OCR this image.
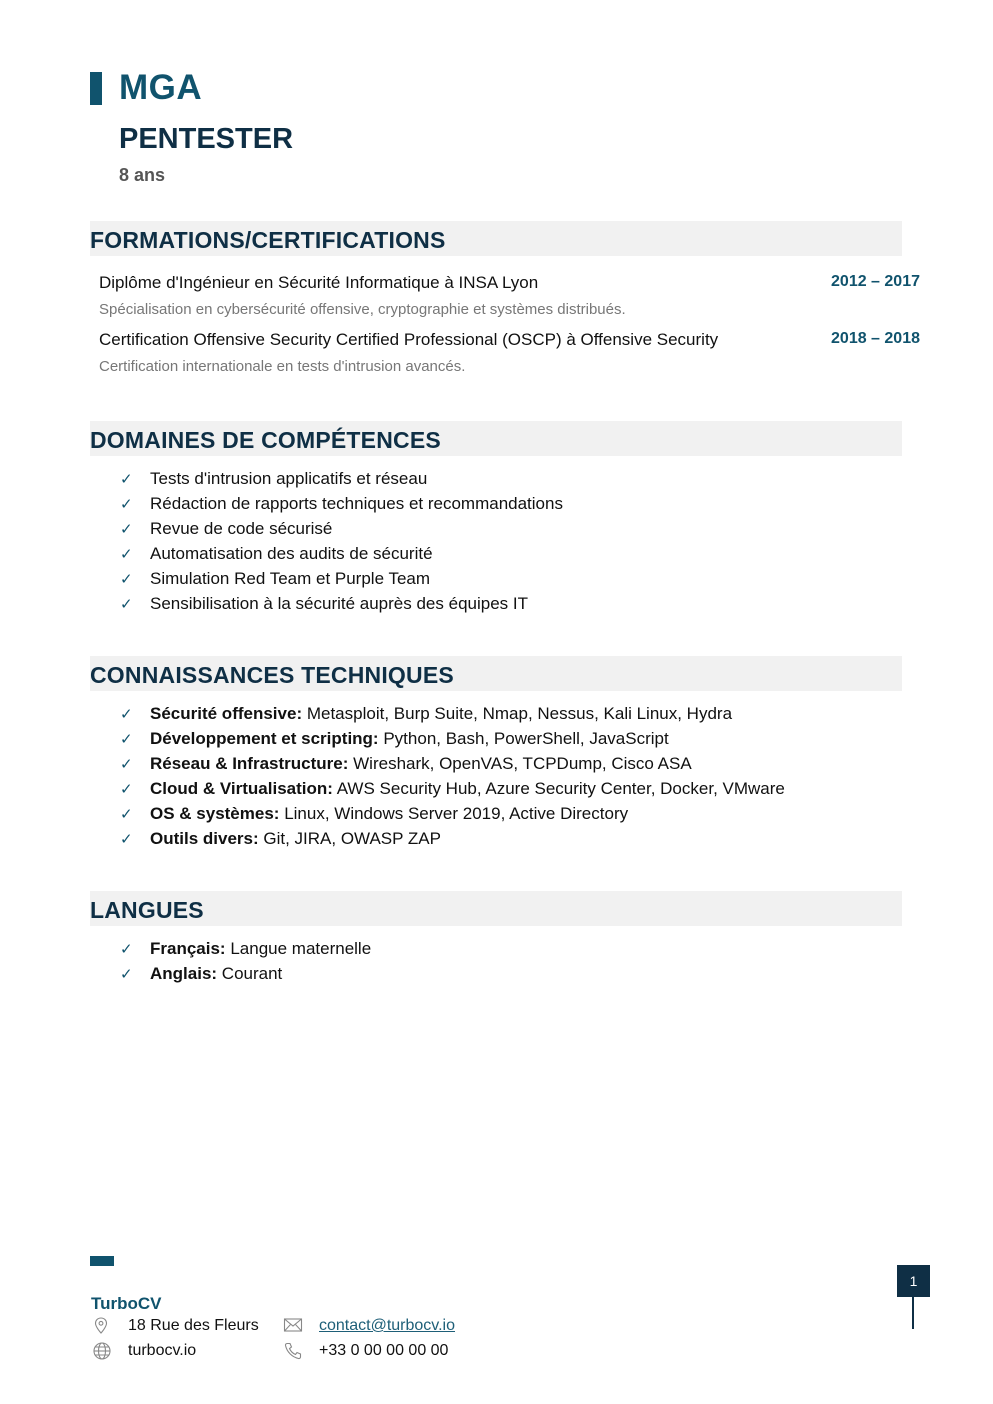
MGA
PENTESTER
8 ans
FORMATIONS/CERTIFICATIONS
Diplôme d'Ingénieur en Sécurité Informatique à INSA Lyon	2012 – 2017
Spécialisation en cybersécurité offensive, cryptographie et systèmes distribués.
Certification Offensive Security Certified Professional (OSCP) à Offensive Security	2018 – 2018
Certification internationale en tests d'intrusion avancés.
DOMAINES DE COMPÉTENCES
✓ Tests d'intrusion applicatifs et réseau
✓ Rédaction de rapports techniques et recommandations
✓ Revue de code sécurisé
✓ Automatisation des audits de sécurité
✓ Simulation Red Team et Purple Team
✓ Sensibilisation à la sécurité auprès des équipes IT
CONNAISSANCES TECHNIQUES
✓ Sécurité offensive: Metasploit, Burp Suite, Nmap, Nessus, Kali Linux, Hydra
✓ Développement et scripting: Python, Bash, PowerShell, JavaScript
✓ Réseau & Infrastructure: Wireshark, OpenVAS, TCPDump, Cisco ASA
✓ Cloud & Virtualisation: AWS Security Hub, Azure Security Center, Docker, VMware
✓ OS & systèmes: Linux, Windows Server 2019, Active Directory
✓ Outils divers: Git, JIRA, OWASP ZAP
LANGUES
✓ Français: Langue maternelle
✓ Anglais: Courant
TurboCV
18 Rue des Fleurs
turbocv.io
contact@turbocv.io
+33 0 00 00 00 00
1
